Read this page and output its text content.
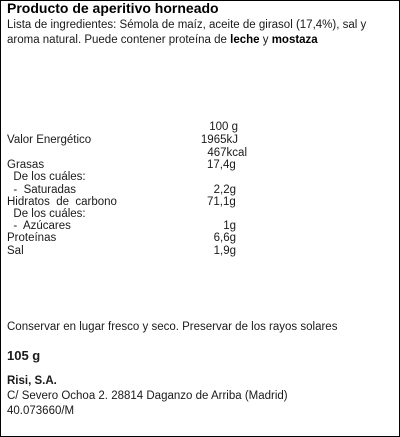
Producto de aperitivo horneado
Lista de ingredientes: Sémola de maíz, aceite de girasol (17,4%), sal y aroma natural. Puede contener proteína de leche y mostaza
100 g
Valor Energético	1965kJ
467kcal
Grasas	17,4g
De los cuáles:
-  Saturadas	2,2g
Hidratos  de  carbono	71,1g
De los cuáles:
-  Azúcares	1g
Proteínas	6,6g
Sal	1,9g
Conservar en lugar fresco y seco. Preservar de los rayos solares
105 g
Risi, S.A.
C/ Severo Ochoa 2. 28814 Daganzo de Arriba (Madrid)
40.073660/M
